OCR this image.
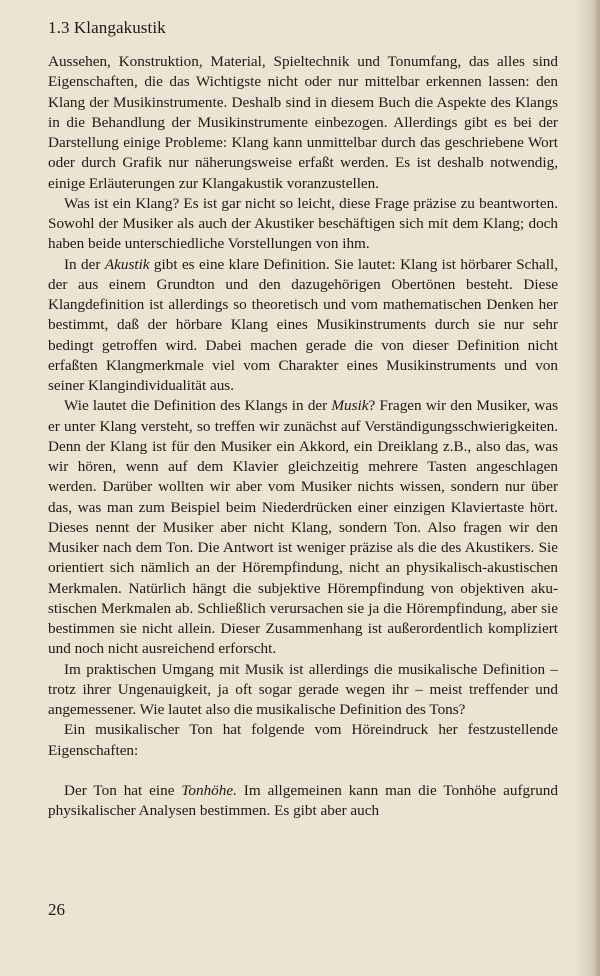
1.3 Klangakustik

Aussehen, Konstruktion, Material, Spieltechnik und Tonumfang, das alles sind Eigenschaften, die das Wichtigste nicht oder nur mittelbar erkennen lassen: den Klang der Musikinstrumente. Deshalb sind in diesem Buch die Aspekte des Klangs in die Behandlung der Musikinstrumente einbezogen. Allerdings gibt es bei der Darstellung einige Probleme: Klang kann unmittelbar durch das geschriebene Wort oder durch Grafik nur näherungsweise erfaßt werden. Es ist deshalb notwendig, einige Erläuterungen zur Klangakustik voranzustellen.

Was ist ein Klang? Es ist gar nicht so leicht, diese Frage präzise zu beantworten. Sowohl der Musiker als auch der Akustiker beschäftigen sich mit dem Klang; doch haben beide unterschiedliche Vorstellungen von ihm.

In der Akustik gibt es eine klare Definition. Sie lautet: Klang ist hörbarer Schall, der aus einem Grundton und den dazugehörigen Obertönen besteht. Diese Klangdefinition ist allerdings so theoretisch und vom mathematischen Denken her bestimmt, daß der hörbare Klang eines Musikinstruments durch sie nur sehr bedingt getroffen wird. Dabei machen gerade die von dieser Definition nicht erfaßten Klangmerkmale viel vom Charakter eines Musikinstruments und von seiner Klangindividualität aus.

Wie lautet die Definition des Klangs in der Musik? Fragen wir den Musiker, was er unter Klang versteht, so treffen wir zunächst auf Verständigungsschwierigkeiten. Denn der Klang ist für den Musiker ein Akkord, ein Dreiklang z.B., also das, was wir hören, wenn auf dem Klavier gleichzeitig mehrere Tasten angeschlagen werden. Darüber wollten wir aber vom Musiker nichts wissen, sondern nur über das, was man zum Beispiel beim Niederdrücken einer einzigen Klaviertaste hört. Dieses nennt der Musiker aber nicht Klang, sondern Ton. Also fragen wir den Musiker nach dem Ton. Die Antwort ist weniger präzise als die des Akustikers. Sie orientiert sich nämlich an der Hörempfindung, nicht an physikalisch-akustischen Merkmalen. Natürlich hängt die subjektive Hörempfindung von objektiven akustischen Merkmalen ab. Schließlich verursachen sie ja die Hörempfindung, aber sie bestimmen sie nicht allein. Dieser Zusammenhang ist außerordentlich kompliziert und noch nicht ausreichend erforscht.

Im praktischen Umgang mit Musik ist allerdings die musikalische Definition – trotz ihrer Ungenauigkeit, ja oft sogar gerade wegen ihr – meist treffender und angemessener. Wie lautet also die musikalische Definition des Tons?

Ein musikalischer Ton hat folgende vom Höreindruck her festzustellende Eigenschaften:

Der Ton hat eine Tonhöhe. Im allgemeinen kann man die Tonhöhe aufgrund physikalischer Analysen bestimmen. Es gibt aber auch

26
